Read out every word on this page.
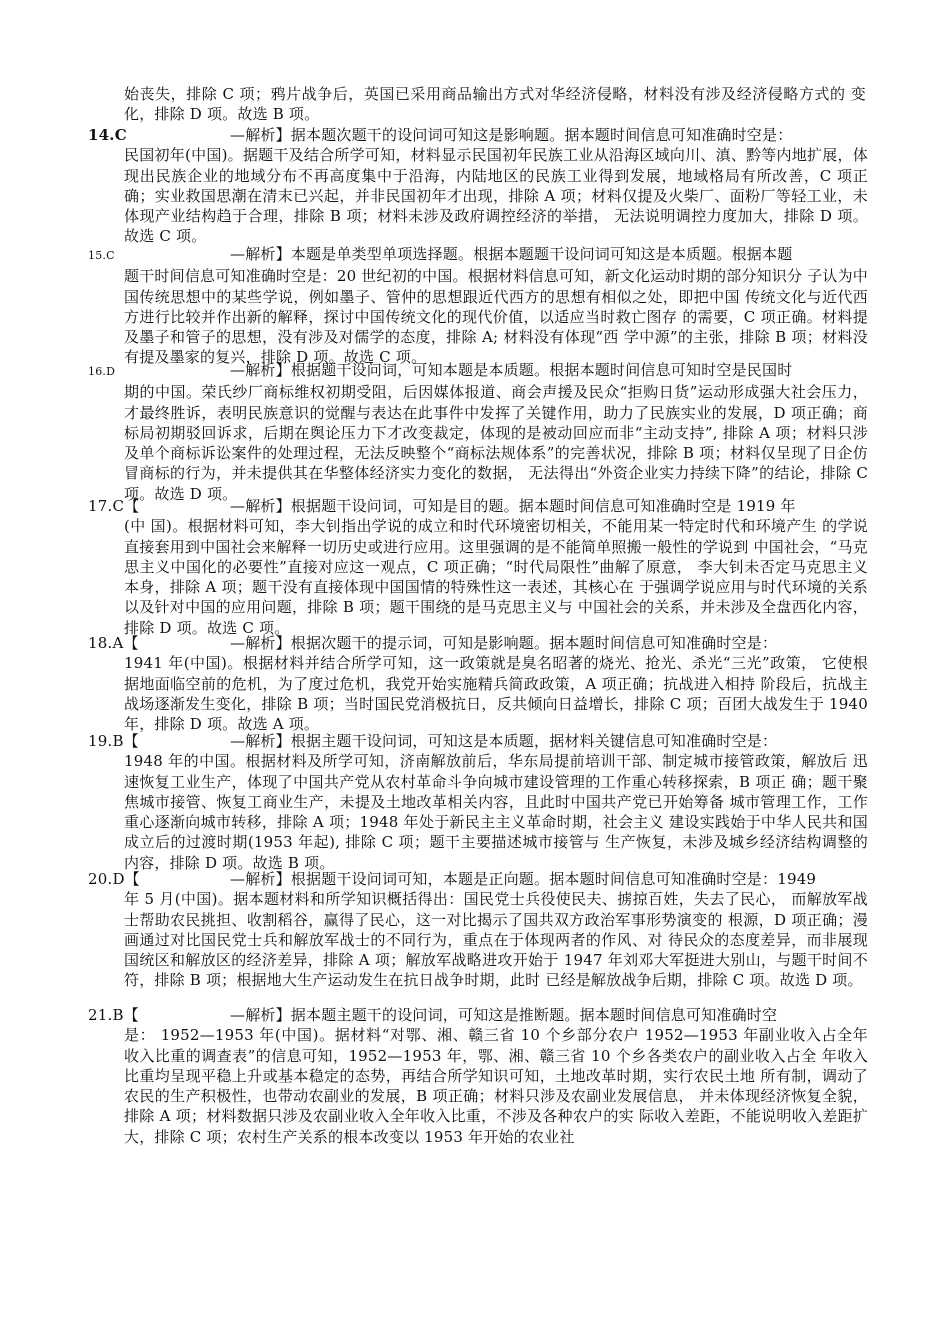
始丧失，排除 C 项；鸦片战争后，英国已采用商品输出方式对华经济侵略，材料没有涉及经济侵略方式的 变化，排除 D 项。故选 B 项。
14.C	—解析】据本题次题干的设问词可知这是影响题。据本题时间信息可知准确时空是：
民国初年(中国)。据题干及结合所学可知，材料显示民国初年民族工业从沿海区域向川、滇、黔等内地扩展，体现出民族企业的地域分布不再高度集中于沿海，内陆地区的民族工业得到发展，地域格局有所改善，C 项正确；实业救国思潮在清末已兴起，并非民国初年才出现，排除 A 项；材料仅提及火柴厂、面粉厂等轻工业，未体现产业结构趋于合理，排除 B 项；材料未涉及政府调控经济的举措， 无法说明调控力度加大，排除 D 项。故选 C 项。
15.C	—解析】本题是单类型单项选择题。根据本题题干设问词可知这是本质题。根据本题
题干时间信息可知准确时空是：20 世纪初的中国。根据材料信息可知，新文化运动时期的部分知识分 子认为中国传统思想中的某些学说，例如墨子、管仲的思想跟近代西方的思想有相似之处，即把中国 传统文化与近代西方进行比较并作出新的解释，探讨中国传统文化的现代价值，以适应当时救亡图存 的需要，C 项正确。材料提及墨子和管子的思想，没有涉及对儒学的态度，排除 A; 材料没有体现“西 学中源”的主张，排除 B 项；材料没有提及墨家的复兴，排除 D 项。故选 C 项。
16.D	—解析】根据题干设问词，可知本题是本质题。根据本题时间信息可知时空是民国时
期的中国。荣氏纱厂商标维权初期受阻，后因媒体报道、商会声援及民众“拒购日货”运动形成强大社会压力，才最终胜诉，表明民族意识的觉醒与表达在此事件中发挥了关键作用，助力了民族实业的发展，D 项正确；商标局初期驳回诉求，后期在舆论压力下才改变裁定，体现的是被动回应而非“主动支持”, 排除 A 项；材料只涉及单个商标诉讼案件的处理过程，无法反映整个“商标法规体系”的完善状况，排除 B 项；材料仅呈现了日企仿冒商标的行为，并未提供其在华整体经济实力变化的数据， 无法得出“外资企业实力持续下降”的结论，排除 C 项。故选 D 项。
17.C【	—解析】根据题干设问词，可知是目的题。据本题时间信息可知准确时空是 1919 年
(中 国)。根据材料可知，李大钊指出学说的成立和时代环境密切相关，不能用某一特定时代和环境产生 的学说直接套用到中国社会来解释一切历史或进行应用。这里强调的是不能简单照搬一般性的学说到 中国社会，“马克思主义中国化的必要性”直接对应这一观点，C 项正确；“时代局限性”曲解了原意， 李大钊未否定马克思主义本身，排除 A 项；题干没有直接体现中国国情的特殊性这一表述，其核心在 于强调学说应用与时代环境的关系以及针对中国的应用问题，排除 B 项；题干围绕的是马克思主义与 中国社会的关系，并未涉及全盘西化内容，排除 D 项。故选 C 项。
18.A【	—解析】根据次题干的提示词，可知是影响题。据本题时间信息可知准确时空是：
1941 年(中国)。根据材料并结合所学可知，这一政策就是臭名昭著的烧光、抢光、杀光“三光”政策， 它使根据地面临空前的危机，为了度过危机，我党开始实施精兵简政政策，A 项正确；抗战进入相持 阶段后，抗战主战场逐渐发生变化，排除 B 项；当时国民党消极抗日，反共倾向日益增长，排除 C 项；百团大战发生于 1940 年，排除 D 项。故选 A 项。
19.B【	—解析】根据主题干设问词，可知这是本质题，据材料关键信息可知准确时空是：
1948 年的中国。根据材料及所学可知，济南解放前后，华东局提前培训干部、制定城市接管政策，解放后 迅速恢复工业生产，体现了中国共产党从农村革命斗争向城市建设管理的工作重心转移探索，B 项正 确；题干聚焦城市接管、恢复工商业生产，未提及土地改革相关内容，且此时中国共产党已开始筹备 城市管理工作，工作重心逐渐向城市转移，排除 A 项；1948 年处于新民主主义革命时期，社会主义 建设实践始于中华人民共和国成立后的过渡时期(1953 年起), 排除 C 项；题干主要描述城市接管与 生产恢复，未涉及城乡经济结构调整的内容，排除 D 项。故选 B 项。
20.D【	—解析】根据题干设问词可知，本题是正向题。据本题时间信息可知准确时空是：1949
年 5 月(中国)。据本题材料和所学知识概括得出：国民党士兵役使民夫、掳掠百姓，失去了民心， 而解放军战士帮助农民挑担、收割稻谷，赢得了民心，这一对比揭示了国共双方政治军事形势演变的 根源，D 项正确；漫画通过对比国民党士兵和解放军战士的不同行为，重点在于体现两者的作风、对 待民众的态度差异，而非展现国统区和解放区的经济差异，排除 A 项；解放军战略进攻开始于 1947 年刘邓大军挺进大别山，与题干时间不符，排除 B 项；根据地大生产运动发生在抗日战争时期，此时 已经是解放战争后期，排除 C 项。故选 D 项。
21.B【	—解析】据本题主题干的设问词，可知这是推断题。据本题时间信息可知准确时空
是： 1952—1953 年(中国)。据材料“对鄂、湘、赣三省 10 个乡部分农户 1952—1953 年副业收入占全年 收入比重的调查表”的信息可知，1952—1953 年，鄂、湘、赣三省 10 个乡各类农户的副业收入占全 年收入比重均呈现平稳上升或基本稳定的态势，再结合所学知识可知，土地改革时期，实行农民土地 所有制，调动了农民的生产积极性，也带动农副业的发展，B 项正确；材料只涉及农副业发展信息， 并未体现经济恢复全貌，排除 A 项；材料数据只涉及农副业收入全年收入比重，不涉及各种农户的实 际收入差距，不能说明收入差距扩大，排除 C 项；农村生产关系的根本改变以 1953 年开始的农业社
